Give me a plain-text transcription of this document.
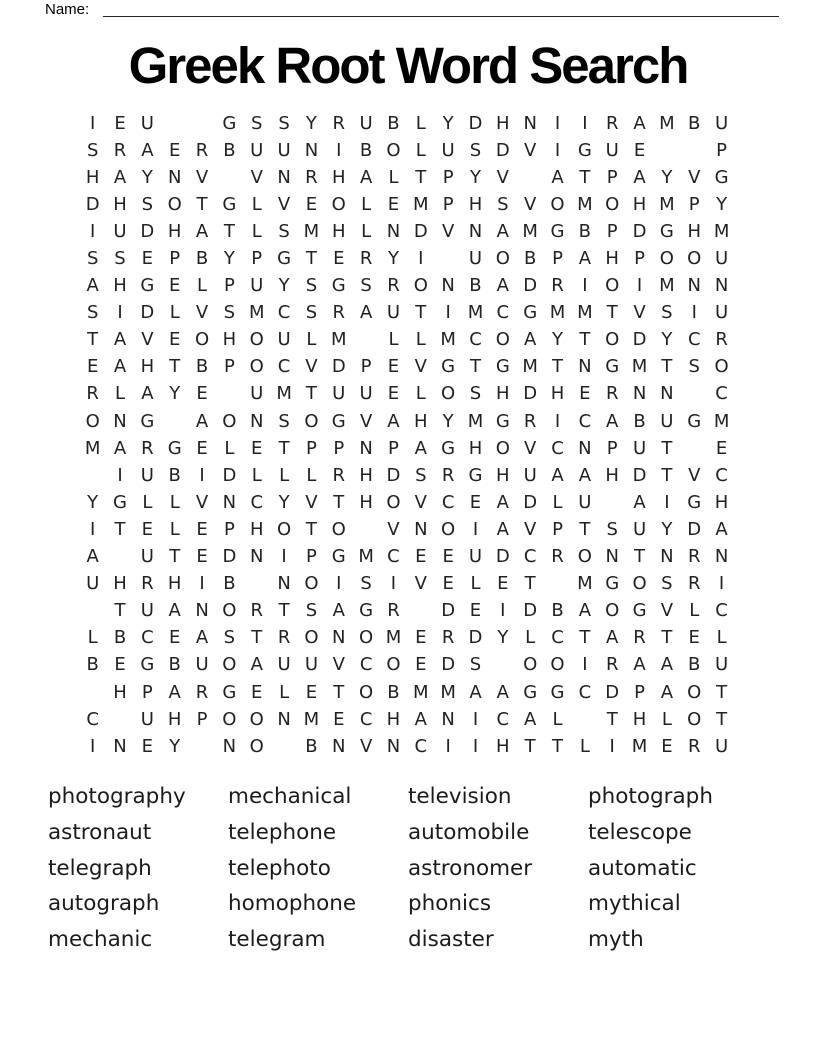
Name:
Greek Root Word Search
I	E U	G S S Y R U B L Y D H N I	I	R A M B U
S R A E R B U U N I	B O L U S D V	I G U E	P
H A Y N V	V N R H A L T P Y V	A T P A Y V G
D H S O T G L V E O L E M P H S V O M O H M P Y
I	U D H A T L S M H L N D V N A M G B P D G H M
S S E P B Y P G T E R Y	I	U O B P A H P O O U
A H G E L P U Y S G S R O N B A D R	I O I M N N
S	I D L V S M C S R A U T	I M C G M M T V S	I	U
T A V E O H O U L M	L L M C O A Y T O D Y C R
E A H T B P O C V D P E V G T G M T N G M T S O
R L A Y E	U M T U U E L O S H D H E R N N	C
O N G	A O N S O G V A H Y M G R	I	C A B U G M
M A R G E L E T P P N P A G H O V C N P U T	E
I	U B	I D L L L R H D S R G H U A A H D T V C
Y G L L V N C Y V T H O V C E A D L U	A	I G H
I	T E L E P H O T O	V N O I	A V P T S U Y D A
A	U T E D N I	P G M C E E U D C R O N T N R N
U H R H I	B	N O I	S	I	V E L E T	M G O S R	I
T U A N O R T S A G R	D E	I D B A O G V L C
L B C E A S T R O N O M E R D Y L C T A R T E L
B E G B U O A U U V C O E D S	O O I	R A A B U
H P A R G E L E T O B M M A A G G C D P A O T
C	U H P O O N M E C H A N I	C A L	T H L O T
I N E Y	N O	B N V N C	I	I H T T L	I M E R U
photography
astronaut
telegraph
autograph
mechanic
mechanical
telephone
telephoto
homophone
telegram
television
automobile
astronomer
phonics
disaster
photograph
telescope
automatic
mythical
myth
